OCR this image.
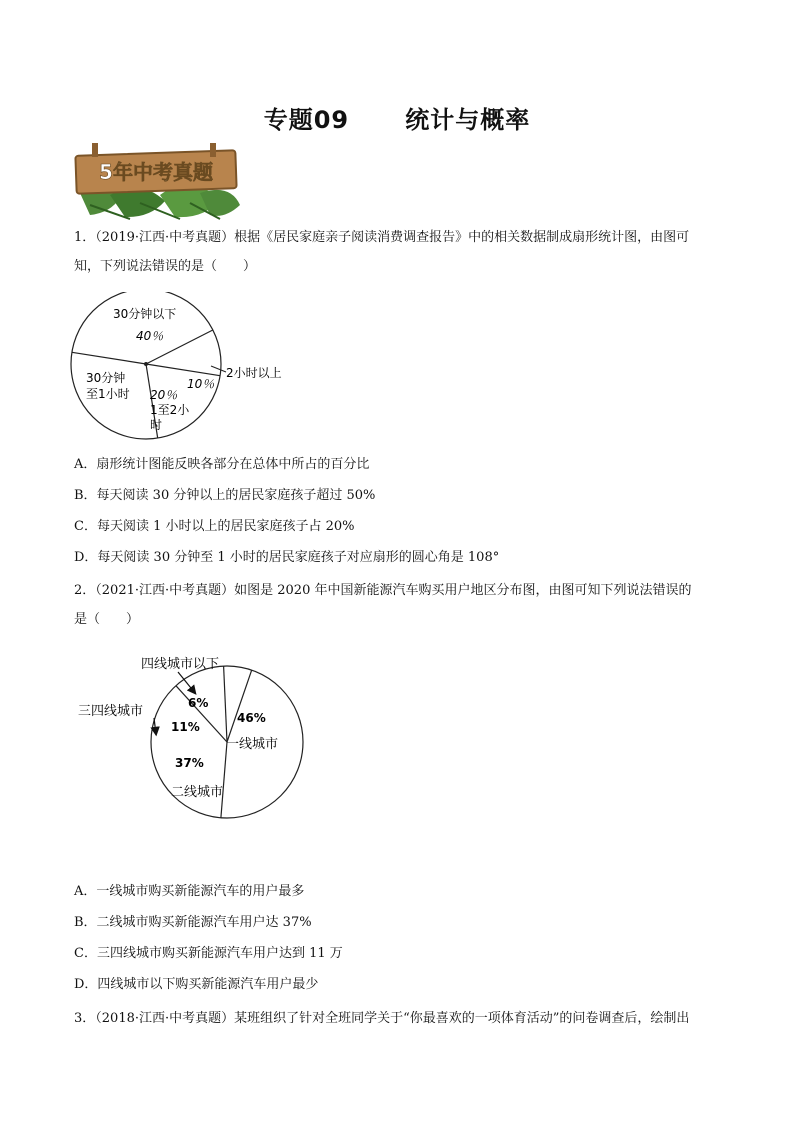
专题09      统计与概率
5年中考真题
1．（2019·江西·中考真题）根据《居民家庭亲子阅读消费调查报告》中的相关数据制成扇形统计图，由图可
知，下列说法错误的是（　　）
30分钟以下
40％
10％
2小时以上
20％
1至2小
时
30分钟
至1小时
A．扇形统计图能反映各部分在总体中所占的百分比
B．每天阅读 30 分钟以上的居民家庭孩子超过 50%
C．每天阅读 1 小时以上的居民家庭孩子占 20%
D．每天阅读 30 分钟至 1 小时的居民家庭孩子对应扇形的圆心角是 108°
2．（2021·江西·中考真题）如图是 2020 年中国新能源汽车购买用户地区分布图，由图可知下列说法错误的
是（　　）
四线城市以下
三四线城市
6%
11%
46%
一线城市
37%
二线城市
A．一线城市购买新能源汽车的用户最多
B．二线城市购买新能源汽车用户达 37%
C．三四线城市购买新能源汽车用户达到 11 万
D．四线城市以下购买新能源汽车用户最少
3．（2018·江西·中考真题）某班组织了针对全班同学关于“你最喜欢的一项体育活动”的问卷调查后，绘制出
